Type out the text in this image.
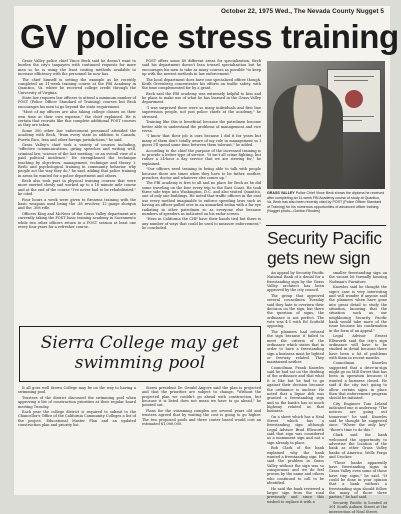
October 22, 1975 Wed., The Nevada County Nugget 5
GV police stress training

Grass Valley police chief Vince Beck said he doesn't want to burden the city's taxpayers with continued requests for more men so he is using the least costing methods available to increase efficiency with the personnel he now has.

The chief himself is setting the example as he recently completed an 11-week training course at the FBI Academy in Quantico, Va. where he received college credit through the University of Virginia.

State law requires law officers to attend a minimum number of POST (Police Officer Standard of Training) courses but Beck encourages his men to go beyond the state requirement.

"Most of my officers are also taking college classes on their own time at their own expense," the chief explained. He is certain that recruits like this complete additional POST courses as they are taken.

Some 300 other law enforcement personnel attended the academy with Beck, "from every state in addition to Canada, Puerto Rico, Iran and other foreign jurisdictions," he said.

Grass Valley's chief took a variety of courses including, "effective communications, giving speeches and writing well, criminal law, 'science of the last meeting,' or an overall view of a paid political incidence." He strengthened the technique teaching by objectives, management, technique and theory. I. Berlo and psychological training in community behavior, why people act the way they do," he said, adding that police training in areas he wanted for a police department and others.

Beck also took part in physical training courses that were more exerted slowly and worked up to a 16 minute mile course and at the end of the course "I've never had to be rehabilitated," he cited.

Four hours a week were given to firearms training with the basic weapons used being the .38 revolver, 12 gauge shotgun and the .308 rifle.

Officers King and McNees of the Grass Valley department are currently taking the POST basic training academy in Sacramento while two other officers return to a POST session at least one every four years for a refresher course.

POST offers some 40 different areas for specialization. Beck said his department doesn't lean toward specialization but he encourages his men to take as many courses as possible "to keep up with the newest methods in law enforcement."

The local department does have one specialized officer though. Keith Greenberg concentrates his efforts on traffic safety, with the time complemented for by a grant.

Beck said the FBI academy was extremely helpful to him and he plans to make use of what he has learned in the Grass Valley department.

"I was surprised there were so many individuals and first line supervision people, not just police chiefs at the academy," he stressed.

Training like this is beneficial because the patrolmen become better able to understand the problems of management and vice versa.

"I know that their job is ours because I did it for years but many of them don't totally aware of my role in management so I guess I'll spend some time between them tolerant," he added.

According to the chief the purpose of the increased training is to provide a better type of service. "It isn't all crime fighting, but rather a 24-hour a day service that we are striving for," he explained.

"Our officers need training in being able to talk with people because there are times when they have to be father, mother, preacher, doctor and whatever else comes up."

The FBI academy is free to all and no place for Beck as he did some traveling on the four every trip to the East Coast. He took three side trips into Washington, D.C. and also visited Quantico, one of only one buildings. He noted that traffic officers in the east use every method imaginable to enforce speeding laws such as having an officer pulled over in an unmarked sedan with a far eye radiating in other patrolmen so as everyone else because numbers of speeders as indicated on his radar screen.

"Here in California the CHP have their hands tied but there is any number of ways that could be used to measure enforcement," he concluded.

GRASS VALLEY Police Chief Vince Beck shows the diploma he received after completing an 11-week FBI Academy course of study at Quantico, Va. Beck has also been recently cited by POST (Police Officer Standard of Training) for his numerous opportunities of advanced officer training. (Nugget photo—Gordon Rhodes)
Security Pacific gets new sign

An appeal by Security Pacific National Bank of a denial for a freestanding sign by the Grass Valley architect has been approved by the city council.

The group that approved several councilmen Tuesday said they hate to overturn their decision on the sign, but there the question of signs, the ordinance is not perfect. The vote was 4-1 with Ed Scofield opposing.

The planners had refused the sign because it failed to meet the criteria of the ordinance which states that in order to have a freestanding sign a business must be lighted or freeway related. They maintained neither.

Councilman Frank Knowles said he had sat on the drafting of the ordinance and that what it is like but he had to go against their decision because the ordinance is unclear. He noted that a liquor deli was granted a freestanding sign and so the bank's has so much highway related as that business.

On a sheet which has a Neal Street which has a freestanding sign although Legal Advisor Brad Ellsworth said that sign was considered as a monument sign and not a sign already in place.

Bob Clark of the bank explained why the bank wanted a freestanding sign. He said the problem in Grass Valley without the sign was so conspicuous and we do feel proven by the name and others who continued to call to be identified.

He said the bank reviewed a larger sign from the road previously and since this wished to replace it with a

smaller freestanding sign on the vacant lot formally housing Nodman's Furniture.

Knowles said he thought the sign's case is very interesting and will wonder if anyone said the planners when have gone into great detail to study the situation, knowing that the situation such as our neighboring Security Pacific bank would take more of the issue because his confirmation in the form of an appeal."

Legal Advisor Ernest Ellsworth said the city's sign ordinance will have to be studied in detail because there have been a lot of problems with them in recent months.

Councilman Knowles suggested that a drive-in-sign might go on Mill Street that has been in operation because it wanted a business closed. He said if the city isn't going to allow certain signs in place then that enforcement program should be initiated.

City Engineer Tom Leland indicated one is underway. "The notices are going out tomorrow," he said. Knowles said he thought he suggested once. "Where the only key" "there's time to do this."

Clark said the bank welcomed the opportunity to advertise the location of the bank as other Grass Valley banks of America, Wells Fargo and Crocker.

"These banks apparently have freestanding signs in Grass Valley even some of those have tiny signs," he said. "It could be done in your opinion that a bank without a freestanding sign should follow the many of those three parties," he had said.

Security Pacific is located at 301 South Auburn Street at the intersection of Neal Street.

Sierra College may get swimming pool

It all goes well Sierra College may be on the way to having a swimming pool.

Trustees of the district discussed the swimming pool when approving a list of construction priorities at their regular board meeting Tuesday.

Each year the college district is required to submit to the Chancellor's Office of the California Community Colleges a list of the project. Educational Master Plan and an updated construction plan and priority list.

Sierra president Dr. Gerald Angove said the plan is projected and that the priorities are subject to change. "Without the projected plan we couldn't go ahead with construction, but because it is listed does not mean we have to go ahead," he pointed out.

Plans for the swimming complex are several years old and trustees agreed that by waiting the cost is going to go higher. The two proposed pools and three center based would cost an estimated $1,000,000.
